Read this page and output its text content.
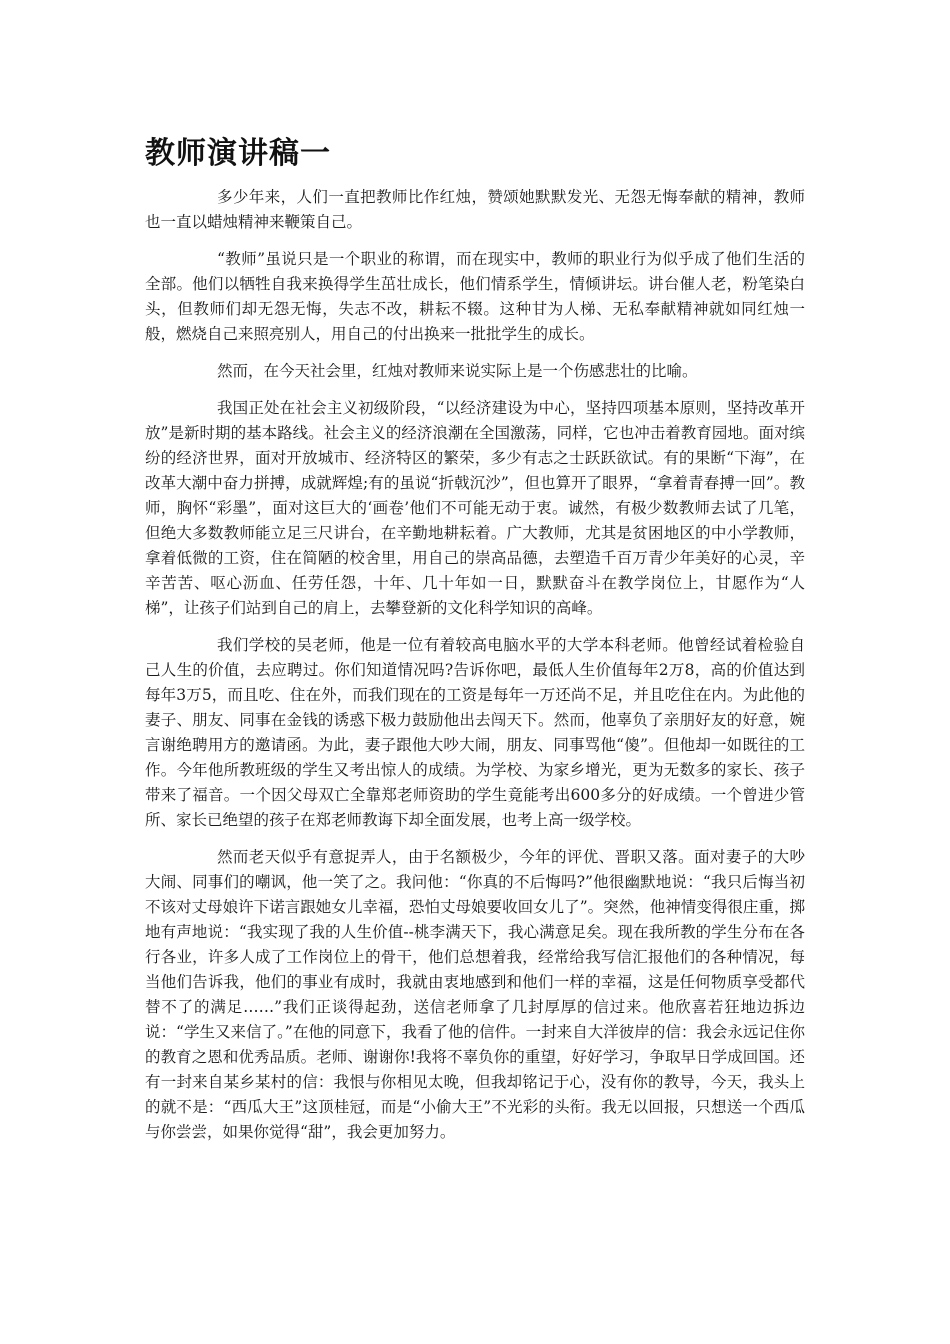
教师演讲稿一

多少年来，人们一直把教师比作红烛，赞颂她默默发光、无怨无悔奉献的精神，教师也一直以蜡烛精神来鞭策自己。

“教师”虽说只是一个职业的称谓，而在现实中，教师的职业行为似乎成了他们生活的全部。他们以牺牲自我来换得学生茁壮成长，他们情系学生，情倾讲坛。讲台催人老，粉笔染白头，但教师们却无怨无悔，失志不改，耕耘不辍。这种甘为人梯、无私奉献精神就如同红烛一般，燃烧自己来照亮别人，用自己的付出换来一批批学生的成长。

然而，在今天社会里，红烛对教师来说实际上是一个伤感悲壮的比喻。

我国正处在社会主义初级阶段，“以经济建设为中心，坚持四项基本原则，坚持改革开放”是新时期的基本路线。社会主义的经济浪潮在全国激荡，同样，它也冲击着教育园地。面对缤纷的经济世界，面对开放城市、经济特区的繁荣，多少有志之士跃跃欲试。有的果断“下海”，在改革大潮中奋力拼搏，成就辉煌;有的虽说“折戟沉沙”，但也算开了眼界，“拿着青春搏一回”。教师，胸怀“彩墨”，面对这巨大的‘画卷’他们不可能无动于衷。诚然，有极少数教师去试了几笔，但绝大多数教师能立足三尺讲台，在辛勤地耕耘着。广大教师，尤其是贫困地区的中小学教师，拿着低微的工资，住在简陋的校舍里，用自己的崇高品德，去塑造千百万青少年美好的心灵，辛辛苦苦、呕心沥血、任劳任怨，十年、几十年如一日，默默奋斗在教学岗位上，甘愿作为“人梯”，让孩子们站到自己的肩上，去攀登新的文化科学知识的高峰。

我们学校的吴老师，他是一位有着较高电脑水平的大学本科老师。他曾经试着检验自己人生的价值，去应聘过。你们知道情况吗?告诉你吧，最低人生价值每年2万8，高的价值达到每年3万5，而且吃、住在外，而我们现在的工资是每年一万还尚不足，并且吃住在内。为此他的妻子、朋友、同事在金钱的诱惑下极力鼓励他出去闯天下。然而，他辜负了亲朋好友的好意，婉言谢绝聘用方的邀请函。为此，妻子跟他大吵大闹，朋友、同事骂他“傻”。但他却一如既往的工作。今年他所教班级的学生又考出惊人的成绩。为学校、为家乡增光，更为无数多的家长、孩子带来了福音。一个因父母双亡全靠郑老师资助的学生竟能考出600多分的好成绩。一个曾进少管所、家长已绝望的孩子在郑老师教诲下却全面发展，也考上高一级学校。

然而老天似乎有意捉弄人，由于名额极少，今年的评优、晋职又落。面对妻子的大吵大闹、同事们的嘲讽，他一笑了之。我问他：“你真的不后悔吗?”他很幽默地说：“我只后悔当初不该对丈母娘许下诺言跟她女儿幸福，恐怕丈母娘要收回女儿了”。突然，他神情变得很庄重，掷地有声地说：“我实现了我的人生价值--桃李满天下，我心满意足矣。现在我所教的学生分布在各行各业，许多人成了工作岗位上的骨干，他们总想着我，经常给我写信汇报他们的各种情况，每当他们告诉我，他们的事业有成时，我就由衷地感到和他们一样的幸福，这是任何物质享受都代替不了的满足……”我们正谈得起劲，送信老师拿了几封厚厚的信过来。他欣喜若狂地边拆边说：“学生又来信了。”在他的同意下，我看了他的信件。一封来自大洋彼岸的信：我会永远记住你的教育之恩和优秀品质。老师、谢谢你!我将不辜负你的重望，好好学习，争取早日学成回国。还有一封来自某乡某村的信：我恨与你相见太晚，但我却铭记于心，没有你的教导，今天，我头上的就不是：“西瓜大王”这顶桂冠，而是“小偷大王”不光彩的头衔。我无以回报，只想送一个西瓜与你尝尝，如果你觉得“甜”，我会更加努力。
